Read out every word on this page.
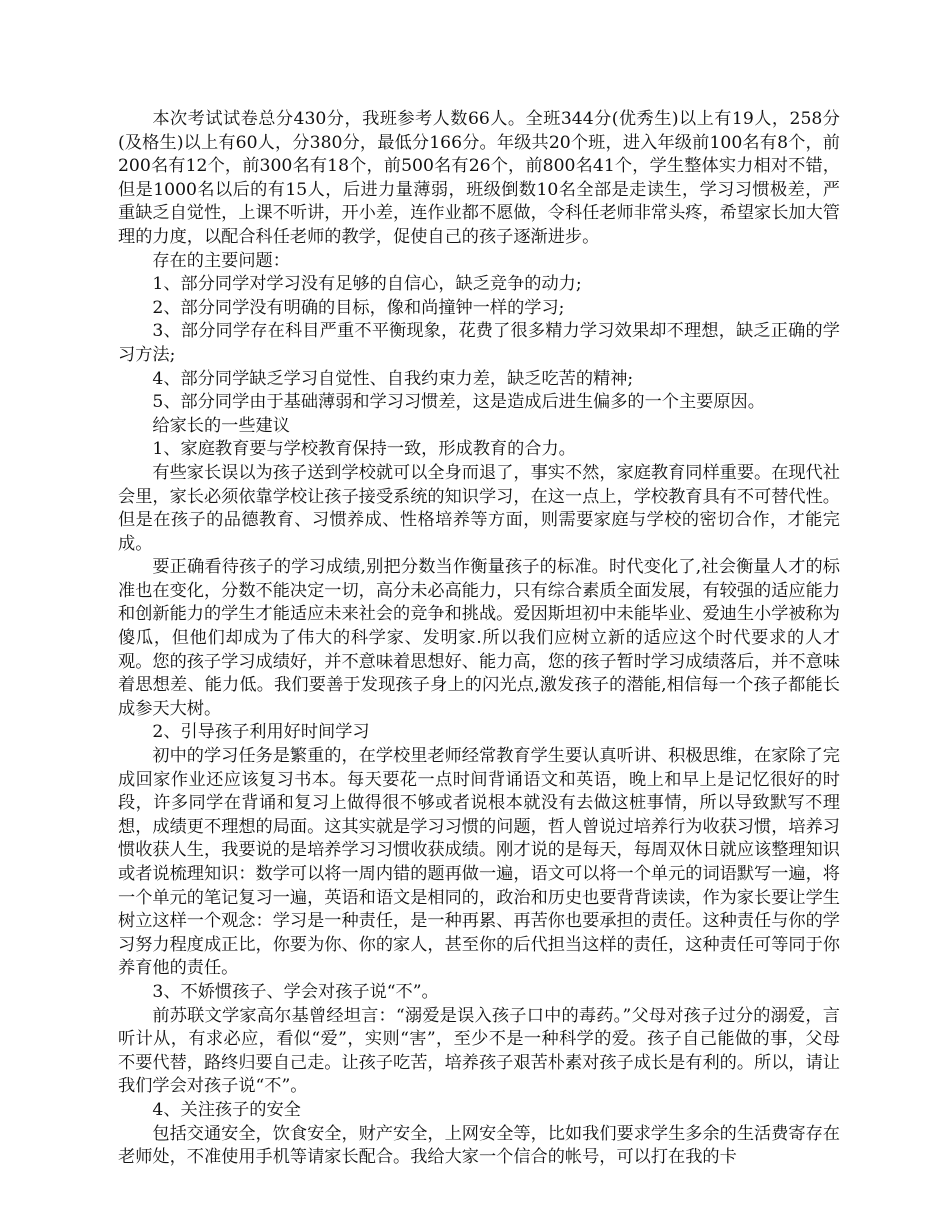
本次考试试卷总分430分，我班参考人数66人。全班344分(优秀生)以上有19人，258分(及格生)以上有60人，分380分，最低分166分。年级共20个班，进入年级前100名有8个，前200名有12个，前300名有18个，前500名有26个，前800名41个，学生整体实力相对不错，但是1000名以后的有15人，后进力量薄弱，班级倒数10名全部是走读生，学习习惯极差，严重缺乏自觉性，上课不听讲，开小差，连作业都不愿做，令科任老师非常头疼，希望家长加大管理的力度，以配合科任老师的教学，促使自己的孩子逐渐进步。

存在的主要问题：

1、部分同学对学习没有足够的自信心，缺乏竞争的动力;

2、部分同学没有明确的目标，像和尚撞钟一样的学习;

3、部分同学存在科目严重不平衡现象，花费了很多精力学习效果却不理想，缺乏正确的学习方法;

4、部分同学缺乏学习自觉性、自我约束力差，缺乏吃苦的精神;

5、部分同学由于基础薄弱和学习习惯差，这是造成后进生偏多的一个主要原因。

给家长的一些建议

1、家庭教育要与学校教育保持一致，形成教育的合力。

有些家长误以为孩子送到学校就可以全身而退了，事实不然，家庭教育同样重要。在现代社会里，家长必须依靠学校让孩子接受系统的知识学习，在这一点上，学校教育具有不可替代性。但是在孩子的品德教育、习惯养成、性格培养等方面，则需要家庭与学校的密切合作，才能完成。

要正确看待孩子的学习成绩,别把分数当作衡量孩子的标准。时代变化了,社会衡量人才的标准也在变化，分数不能决定一切，高分未必高能力，只有综合素质全面发展，有较强的适应能力和创新能力的学生才能适应未来社会的竞争和挑战。爱因斯坦初中未能毕业、爱迪生小学被称为傻瓜，但他们却成为了伟大的科学家、发明家.所以我们应树立新的适应这个时代要求的人才观。您的孩子学习成绩好，并不意味着思想好、能力高，您的孩子暂时学习成绩落后，并不意味着思想差、能力低。我们要善于发现孩子身上的闪光点,激发孩子的潜能,相信每一个孩子都能长成参天大树。

2、引导孩子利用好时间学习

初中的学习任务是繁重的，在学校里老师经常教育学生要认真听讲、积极思维，在家除了完成回家作业还应该复习书本。每天要花一点时间背诵语文和英语，晚上和早上是记忆很好的时段，许多同学在背诵和复习上做得很不够或者说根本就没有去做这桩事情，所以导致默写不理想，成绩更不理想的局面。这其实就是学习习惯的问题，哲人曾说过培养行为收获习惯，培养习惯收获人生，我要说的是培养学习习惯收获成绩。刚才说的是每天，每周双休日就应该整理知识或者说梳理知识：数学可以将一周内错的题再做一遍，语文可以将一个单元的词语默写一遍，将一个单元的笔记复习一遍，英语和语文是相同的，政治和历史也要背背读读，作为家长要让学生树立这样一个观念：学习是一种责任，是一种再累、再苦你也要承担的责任。这种责任与你的学习努力程度成正比，你要为你、你的家人，甚至你的后代担当这样的责任，这种责任可等同于你养育他的责任。

3、不娇惯孩子、学会对孩子说“不”。

前苏联文学家高尔基曾经坦言：“溺爱是误入孩子口中的毒药。”父母对孩子过分的溺爱，言听计从，有求必应，看似“爱”，实则“害”，至少不是一种科学的爱。孩子自己能做的事，父母不要代替，路终归要自己走。让孩子吃苦，培养孩子艰苦朴素对孩子成长是有利的。所以，请让我们学会对孩子说“不”。

4、关注孩子的安全

包括交通安全，饮食安全，财产安全，上网安全等，比如我们要求学生多余的生活费寄存在老师处，不准使用手机等请家长配合。我给大家一个信合的帐号，可以打在我的卡
